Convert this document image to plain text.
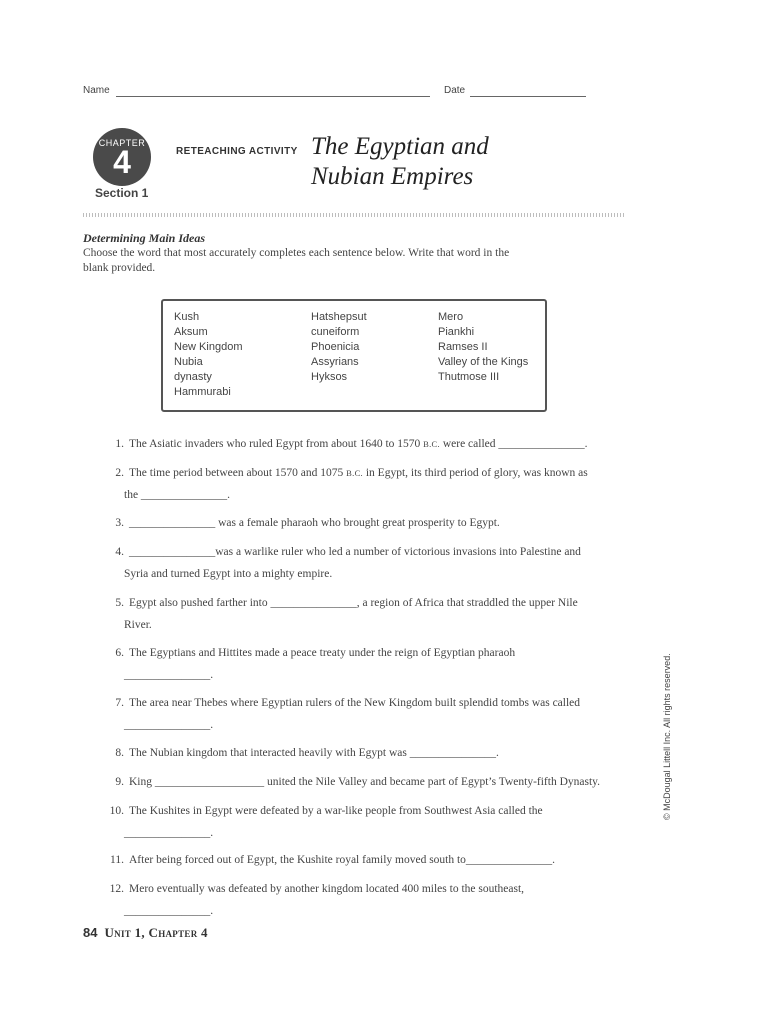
Name	Date
CHAPTER
4
Section 1
RETEACHING ACTIVITY The Egyptian and
Nubian Empires
Determining Main Ideas
Choose the word that most accurately completes each sentence below. Write that word in the blank provided.
Kush
Aksum
New Kingdom
Nubia
dynasty
Hammurabi
Hatshepsut
cuneiform
Phoenicia
Assyrians
Hyksos
Mero
Piankhi
Ramses II
Valley of the Kings
Thutmose III
1. The Asiatic invaders who ruled Egypt from about 1640 to 1570 B.C. were called _______________.
2. The time period between about 1570 and 1075 B.C. in Egypt, its third period of glory, was known as
the _______________.
3. _______________ was a female pharaoh who brought great prosperity to Egypt.
4. _______________was a warlike ruler who led a number of victorious invasions into Palestine and
Syria and turned Egypt into a mighty empire.
5. Egypt also pushed farther into _______________, a region of Africa that straddled the upper Nile
River.
6. The Egyptians and Hittites made a peace treaty under the reign of Egyptian pharaoh
_______________.
7. The area near Thebes where Egyptian rulers of the New Kingdom built splendid tombs was called
_______________.
8. The Nubian kingdom that interacted heavily with Egypt was _______________.
9. King ___________________ united the Nile Valley and became part of Egypt’s Twenty-fifth Dynasty.
10. The Kushites in Egypt were defeated by a war-like people from Southwest Asia called the
_______________.
11. After being forced out of Egypt, the Kushite royal family moved south to_______________.
12. Mero eventually was defeated by another kingdom located 400 miles to the southeast,
_______________.
© McDougal Littell Inc. All rights reserved.
84 Unit 1, Chapter 4
